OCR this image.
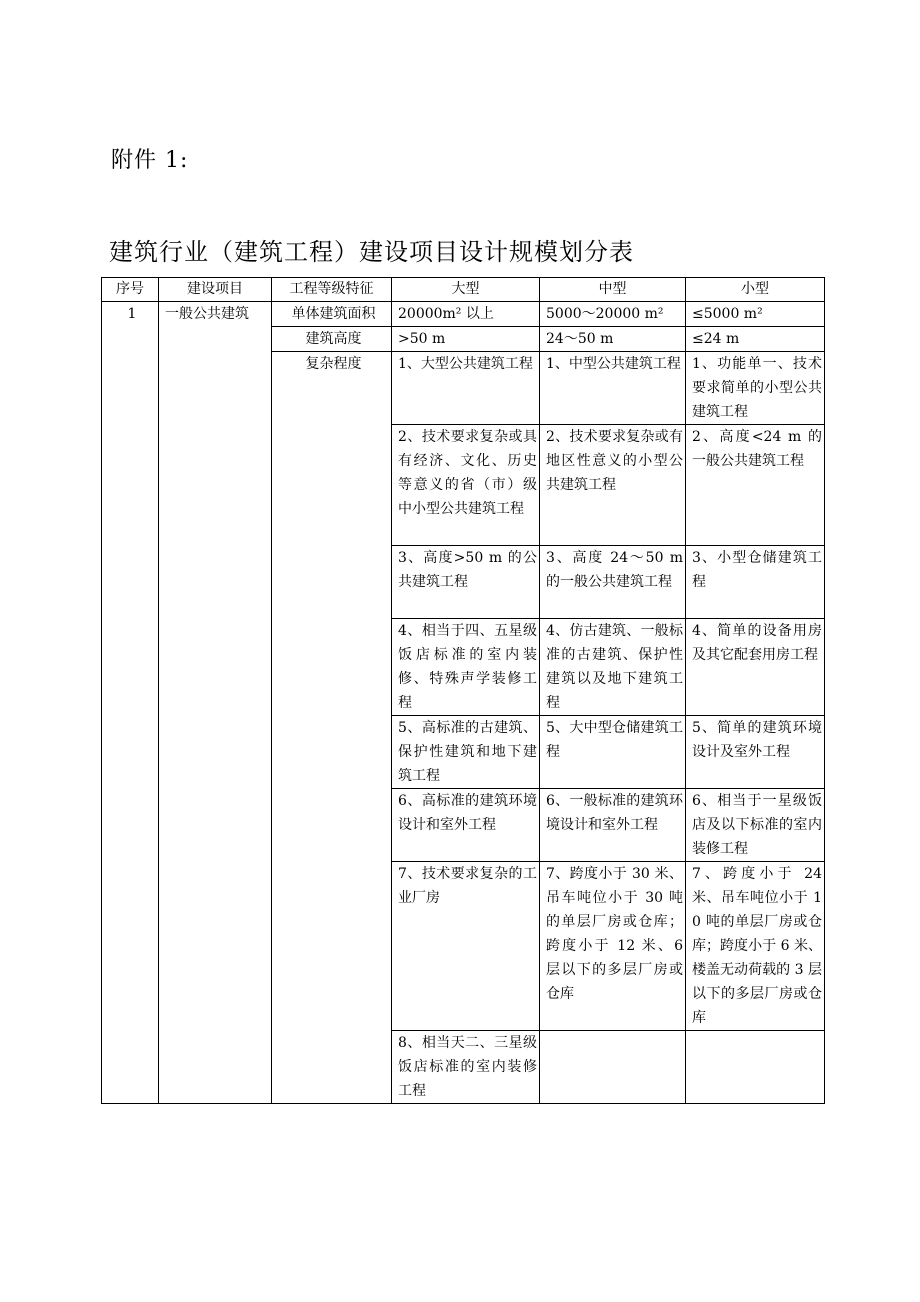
附件 1:
建筑行业（建筑工程）建设项目设计规模划分表
序号	建设项目	工程等级特征	大型	中型	小型
1	一般公共建筑	单体建筑面积	20000m² 以上	5000～20000 m²	≤5000 m²
		建筑高度	>50 m	24～50 m	≤24 m
		复杂程度	1、大型公共建筑工程	1、中型公共建筑工程	1、功能单一、技术要求简单的小型公共建筑工程
			2、技术要求复杂或具有经济、文化、历史等意义的省（市）级中小型公共建筑工程	2、技术要求复杂或有地区性意义的小型公共建筑工程	2、高度<24 m 的一般公共建筑工程
			3、高度>50 m 的公共建筑工程	3、高度 24～50 m 的一般公共建筑工程	3、小型仓储建筑工程
			4、相当于四、五星级饭店标准的室内装修、特殊声学装修工程	4、仿古建筑、一般标准的古建筑、保护性建筑以及地下建筑工程	4、简单的设备用房及其它配套用房工程
			5、高标准的古建筑、保护性建筑和地下建筑工程	5、大中型仓储建筑工程	5、简单的建筑环境设计及室外工程
			6、高标准的建筑环境设计和室外工程	6、一般标准的建筑环境设计和室外工程	6、相当于一星级饭店及以下标准的室内装修工程
			7、技术要求复杂的工业厂房	7、跨度小于 30 米、吊车吨位小于 30 吨的单层厂房或仓库；跨度小于 12 米、6 层以下的多层厂房或仓库	7、跨度小于 24 米、吊车吨位小于 10 吨的单层厂房或仓库；跨度小于 6 米、楼盖无动荷载的 3 层以下的多层厂房或仓库
			8、相当天二、三星级饭店标准的室内装修工程		
